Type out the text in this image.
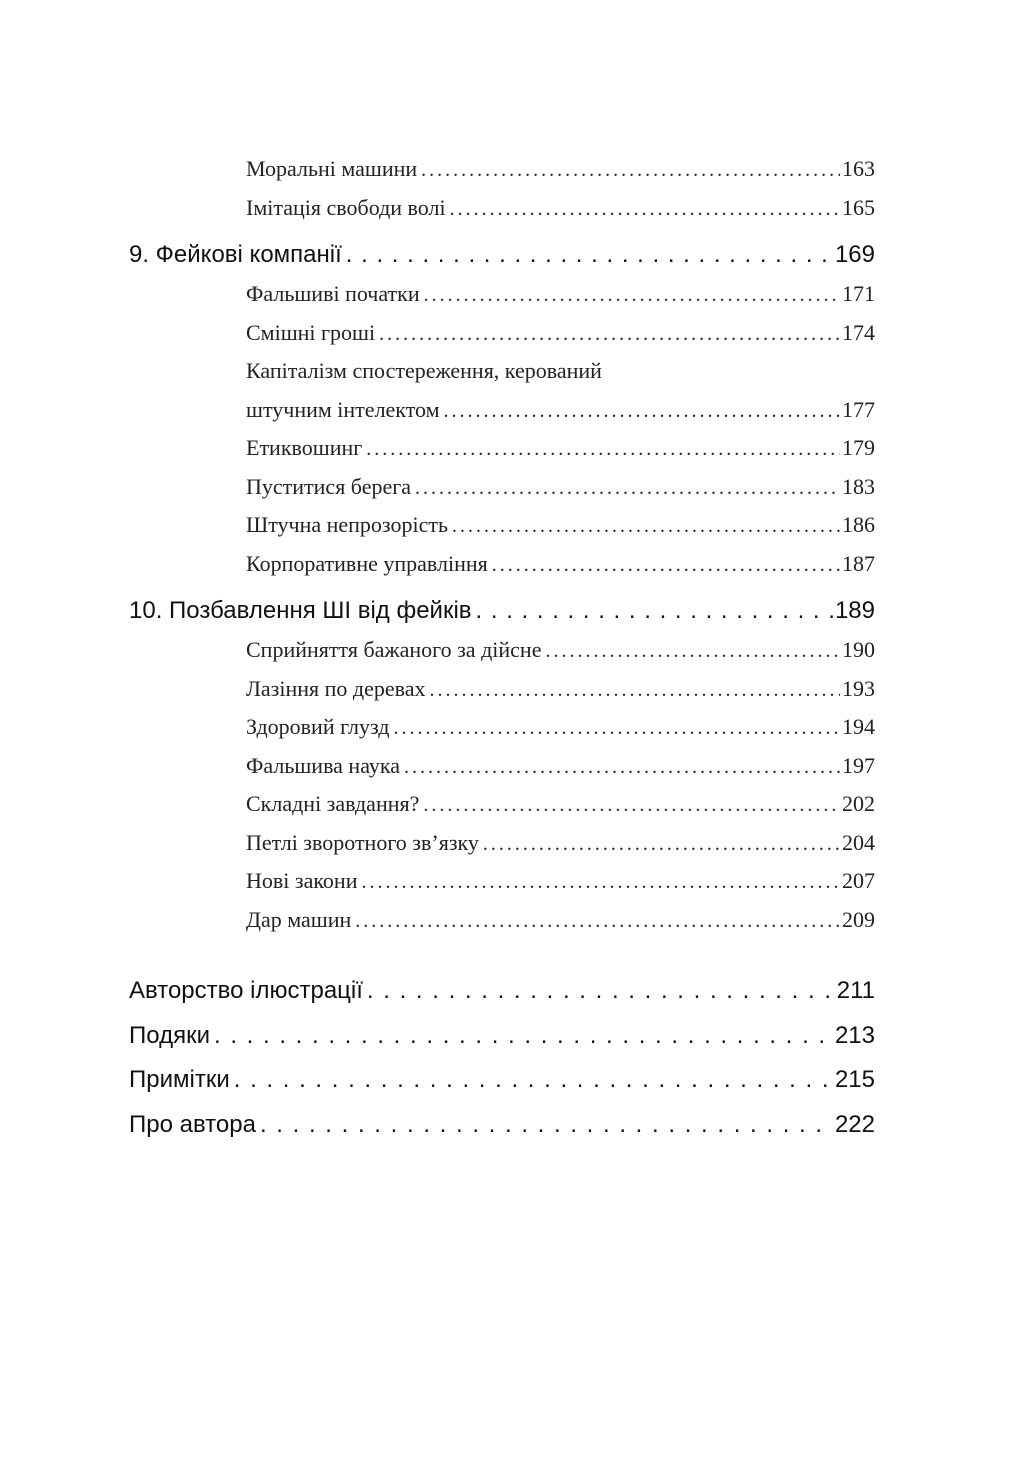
Моральні машини . . .	163
Імітація свободи волі . . .	165
9. Фейкові компанії . . .	169
Фальшиві початки . . .	171
Смішні гроші . . .	174
Капіталізм спостереження, керований
штучним інтелектом . . .	177
Етиквошинг . . .	179
Пуститися берега . . .	183
Штучна непрозорість . . .	186
Корпоративне управління . . .	187
10. Позбавлення ШІ від фейків . . .	189
Сприйняття бажаного за дійсне . . .	190
Лазіння по деревах . . .	193
Здоровий глузд . . .	194
Фальшива наука . . .	197
Складні завдання? . . .	202
Петлі зворотного зв’язку . . .	204
Нові закони . . .	207
Дар машин . . .	209
Авторство ілюстрації . . .	211
Подяки . . .	213
Примітки . . .	215
Про автора . . .	222
